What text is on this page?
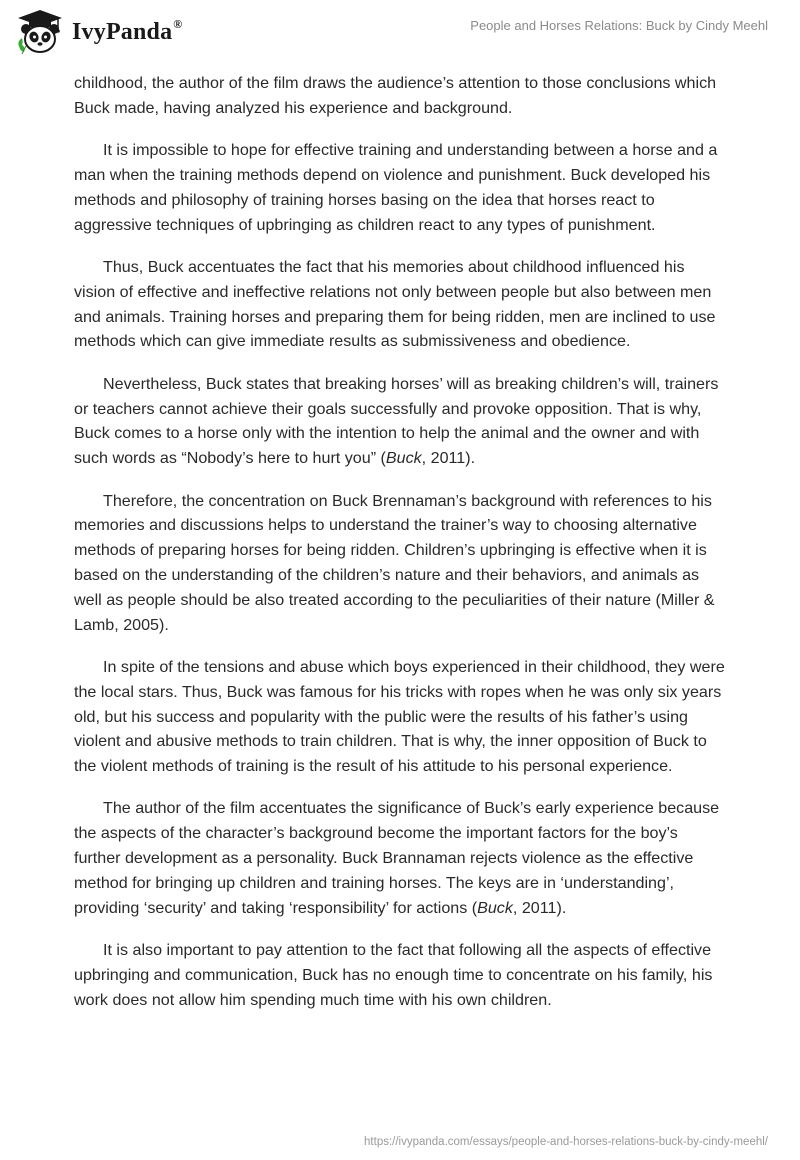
IvyPanda®	People and Horses Relations: Buck by Cindy Meehl

childhood, the author of the film draws the audience’s attention to those conclusions which Buck made, having analyzed his experience and background.

It is impossible to hope for effective training and understanding between a horse and a man when the training methods depend on violence and punishment. Buck developed his methods and philosophy of training horses basing on the idea that horses react to aggressive techniques of upbringing as children react to any types of punishment.

Thus, Buck accentuates the fact that his memories about childhood influenced his vision of effective and ineffective relations not only between people but also between men and animals. Training horses and preparing them for being ridden, men are inclined to use methods which can give immediate results as submissiveness and obedience.

Nevertheless, Buck states that breaking horses’ will as breaking children’s will, trainers or teachers cannot achieve their goals successfully and provoke opposition. That is why, Buck comes to a horse only with the intention to help the animal and the owner and with such words as “Nobody’s here to hurt you” (Buck, 2011).

Therefore, the concentration on Buck Brennaman’s background with references to his memories and discussions helps to understand the trainer’s way to choosing alternative methods of preparing horses for being ridden. Children’s upbringing is effective when it is based on the understanding of the children’s nature and their behaviors, and animals as well as people should be also treated according to the peculiarities of their nature (Miller & Lamb, 2005).

In spite of the tensions and abuse which boys experienced in their childhood, they were the local stars. Thus, Buck was famous for his tricks with ropes when he was only six years old, but his success and popularity with the public were the results of his father’s using violent and abusive methods to train children. That is why, the inner opposition of Buck to the violent methods of training is the result of his attitude to his personal experience.

The author of the film accentuates the significance of Buck’s early experience because the aspects of the character’s background become the important factors for the boy’s further development as a personality. Buck Brannaman rejects violence as the effective method for bringing up children and training horses. The keys are in ‘understanding’, providing ‘security’ and taking ‘responsibility’ for actions (Buck, 2011).

It is also important to pay attention to the fact that following all the aspects of effective upbringing and communication, Buck has no enough time to concentrate on his family, his work does not allow him spending much time with his own children.

https://ivypanda.com/essays/people-and-horses-relations-buck-by-cindy-meehl/
